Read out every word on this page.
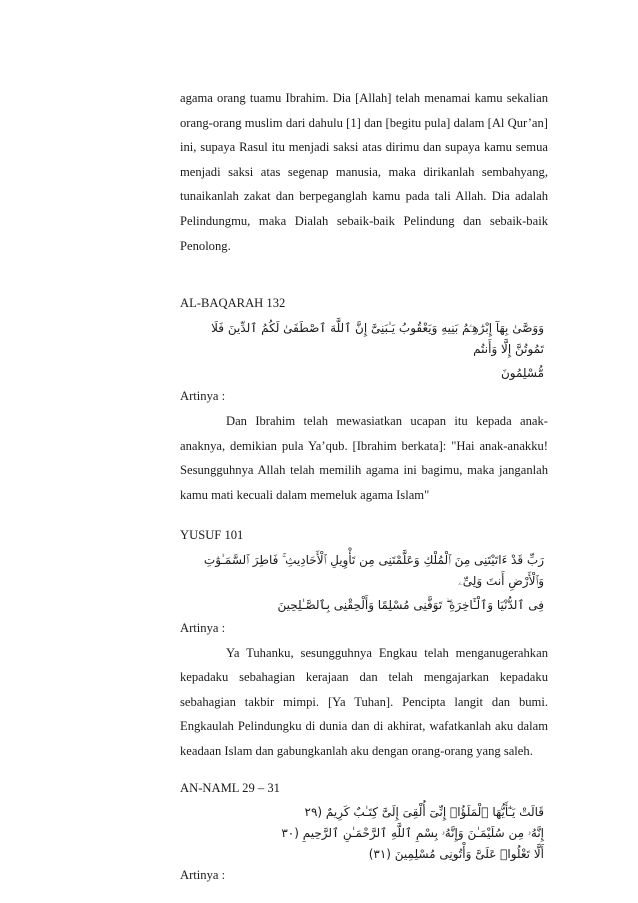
agama orang tuamu Ibrahim. Dia [Allah] telah menamai kamu sekalian orang-orang muslim dari dahulu [1] dan [begitu pula] dalam [Al Qur’an] ini, supaya Rasul itu menjadi saksi atas dirimu dan supaya kamu semua menjadi saksi atas segenap manusia, maka dirikanlah sembahyang, tunaikanlah zakat dan berpeganglah kamu pada tali Allah. Dia adalah Pelindungmu, maka Dialah sebaik-baik Pelindung dan sebaik-baik Penolong.

AL-BAQARAH 132

وَوَصَّىٰ بِهَآ إِبْرَٰهِـۧمُ بَنِيهِ وَيَعْقُوبُ يَـٰبَنِىَّ إِنَّ ٱللَّهَ ٱصْطَفَىٰ لَكُمُ ٱلدِّينَ فَلَا تَمُوتُنَّ إِلَّا وَأَنتُم

مُّسْلِمُونَ

Artinya :

Dan Ibrahim telah mewasiatkan ucapan itu kepada anak-anaknya, demikian pula Ya’qub. [Ibrahim berkata]: "Hai anak-anakku! Sesungguhnya Allah telah memilih agama ini bagimu, maka janganlah kamu mati kecuali dalam memeluk agama Islam"

YUSUF 101

رَبِّ قَدْ ءَاتَيْتَنِى مِنَ ٱلْمُلْكِ وَعَلَّمْتَنِى مِن تَأْوِيلِ ٱلْأَحَادِيثِ ۚ فَاطِرَ ٱلسَّمَـٰوَٰتِ وَٱلْأَرْضِ أَنتَ وَلِىِّۦ

فِى ٱلدُّنْيَا وَٱلْـَٔاخِرَةِ ۖ تَوَفَّنِى مُسْلِمًا وَأَلْحِقْنِى بِٱلصَّـٰلِحِينَ

Artinya :

Ya Tuhanku, sesungguhnya Engkau telah menganugerahkan kepadaku sebahagian kerajaan dan telah mengajarkan kepadaku sebahagian takbir mimpi. [Ya Tuhan]. Pencipta langit dan bumi. Engkaulah Pelindungku di dunia dan di akhirat, wafatkanlah aku dalam keadaan Islam dan gabungkanlah aku dengan orang-orang yang saleh.

AN-NAML 29 – 31

قَالَتْ يَـٰٓأَيُّهَا ٱلْمَلَؤُا۟ إِنِّىٓ أُلْقِىَ إِلَىَّ كِتَـٰبٌ كَرِيمٌ (٢٩

إِنَّهُۥ مِن سُلَيْمَـٰنَ وَإِنَّهُۥ بِسْمِ ٱللَّهِ ٱلرَّحْمَـٰنِ ٱلرَّحِيمِ (٣٠

أَلَّا تَعْلُوا۟ عَلَىَّ وَأْتُونِى مُسْلِمِينَ (٣١)

Artinya :
